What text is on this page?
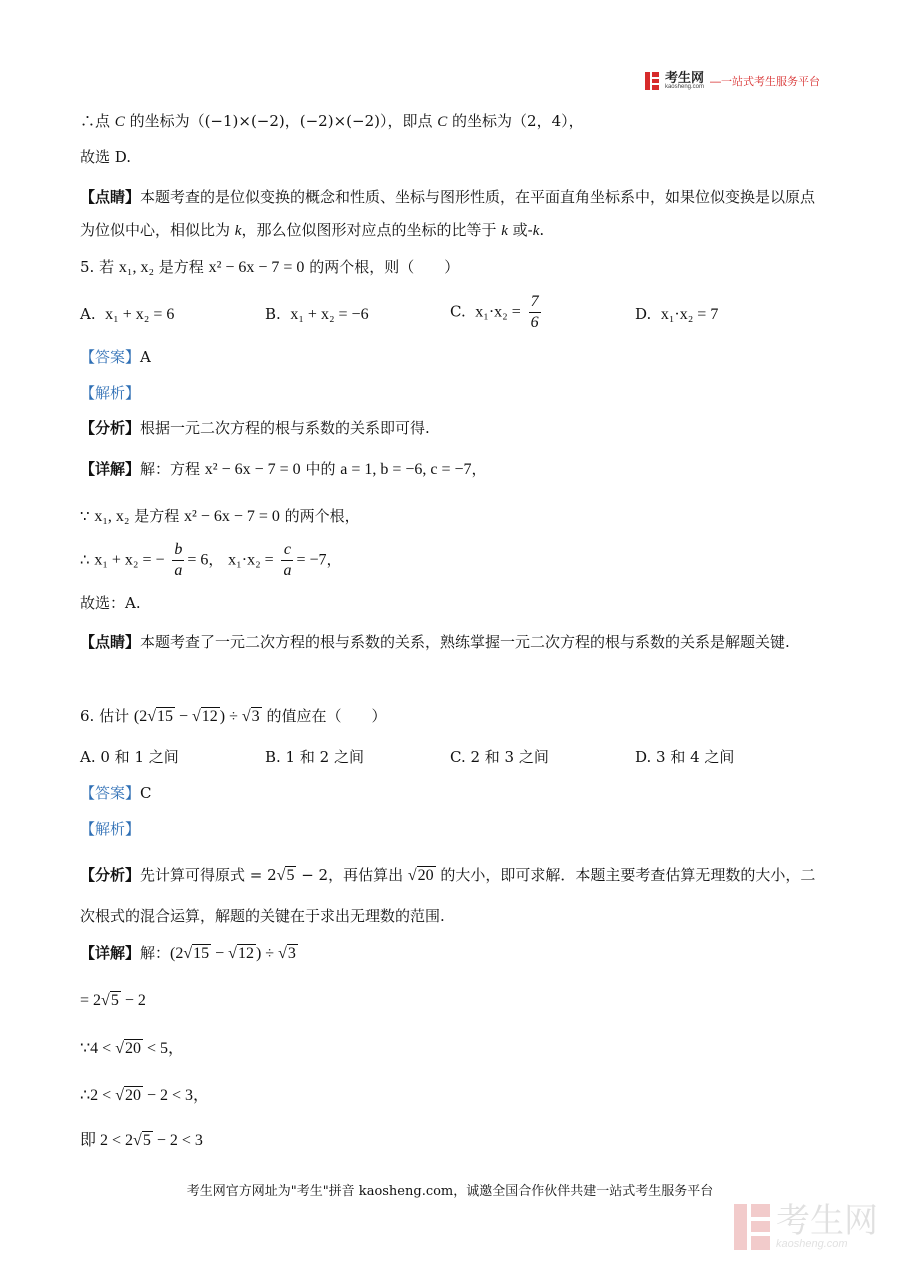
考生网
kaosheng.com —一站式考生服务平台
∴点 C 的坐标为（(−1)×(−2)，(−2)×(−2)），即点 C 的坐标为（2，4），
故选 D.
【点睛】本题考查的是位似变换的概念和性质、坐标与图形性质，在平面直角坐标系中，如果位似变换是以原点为位似中心，相似比为 k，那么位似图形对应点的坐标的比等于 k 或-k.
5. 若 x₁, x₂ 是方程 x² − 6x − 7 = 0 的两个根，则（　　）
A. x₁ + x₂ = 6	B. x₁ + x₂ = −6	C. $x_1\cdot x_2 = \frac{7}{6}$	D. x₁·x₂ = 7
【答案】A
【解析】
【分析】根据一元二次方程的根与系数的关系即可得.
【详解】解：方程 x² − 6x − 7 = 0 中的 a = 1, b = −6, c = −7，
∵ x₁, x₂ 是方程 x² − 6x − 7 = 0 的两个根，
∴ x₁ + x₂ = − $\frac{b}{a} = 6$， $x_1\cdot x_2 = \frac{c}{a} = -7$，
故选：A.
【点睛】本题考查了一元二次方程的根与系数的关系，熟练掌握一元二次方程的根与系数的关系是解题关键.
6. 估计 (2√15 − √12 ) ÷ √3 的值应在（　　）
A. 0 和 1 之间	B. 1 和 2 之间	C. 2 和 3 之间	D. 3 和 4 之间
【答案】C
【解析】
【分析】先计算可得原式 = 2√5 − 2，再估算出 √20 的大小，即可求解．本题主要考查估算无理数的大小，二次根式的混合运算，解题的关键在于求出无理数的范围.
【详解】解：(2√15 − √12 ) ÷ √3
= 2√5 − 2
∵4 < √20 < 5，
∴2 < √20 − 2 < 3，
即 2 < 2√5 − 2 < 3
考生网官方网址为"考生"拼音 kaosheng.com，诚邀全国合作伙伴共建一站式考生服务平台
考生网
kaosheng.com
